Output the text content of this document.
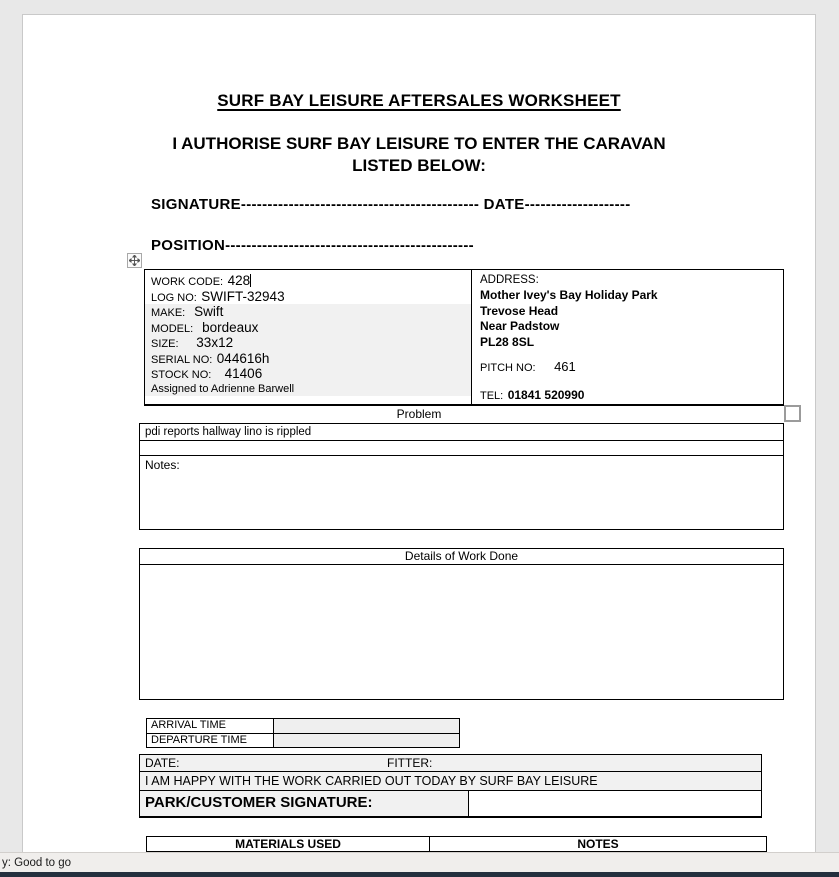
SURF BAY LEISURE AFTERSALES WORKSHEET
I AUTHORISE SURF BAY LEISURE TO ENTER THE CARAVAN
LISTED BELOW:
SIGNATURE--------------------------------------------- DATE--------------------
POSITION-----------------------------------------------
WORK CODE: 428
LOG NO: SWIFT-32943
MAKE: Swift
MODEL: bordeaux
SIZE: 33x12
SERIAL NO: 044616h
STOCK NO: 41406
Assigned to Adrienne Barwell
ADDRESS:
Mother Ivey's Bay Holiday Park
Trevose Head
Near Padstow
PL28 8SL
PITCH NO: 461
TEL: 01841 520990
Problem
pdi reports hallway lino is rippled
Notes:
Details of Work Done
ARRIVAL TIME
DEPARTURE TIME
DATE:	FITTER:
I AM HAPPY WITH THE WORK CARRIED OUT TODAY BY SURF BAY LEISURE
PARK/CUSTOMER SIGNATURE:
MATERIALS USED	NOTES
y: Good to go
